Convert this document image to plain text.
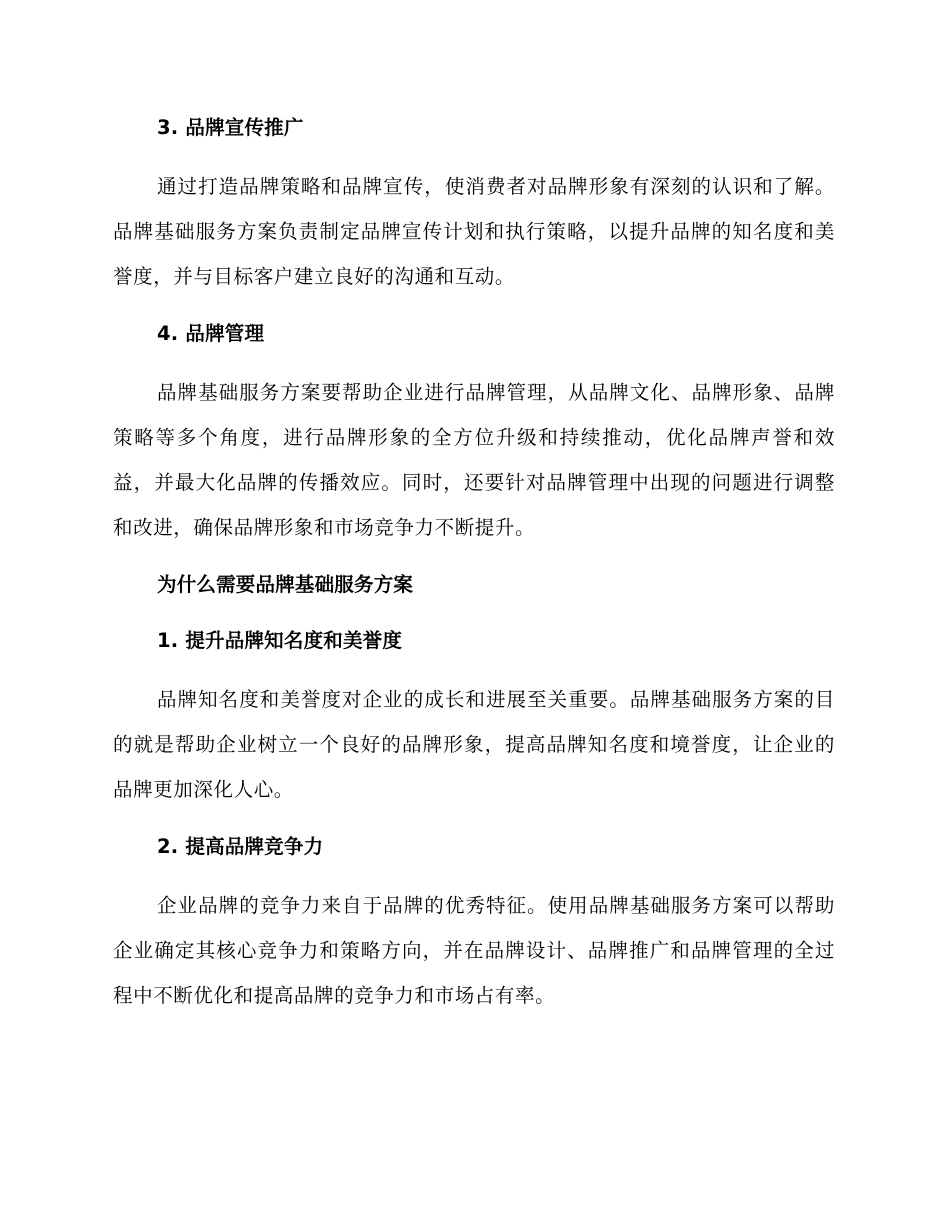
3. 品牌宣传推广

通过打造品牌策略和品牌宣传，使消费者对品牌形象有深刻的认识和了解。品牌基础服务方案负责制定品牌宣传计划和执行策略，以提升品牌的知名度和美誉度，并与目标客户建立良好的沟通和互动。

4. 品牌管理

品牌基础服务方案要帮助企业进行品牌管理，从品牌文化、品牌形象、品牌策略等多个角度，进行品牌形象的全方位升级和持续推动，优化品牌声誉和效益，并最大化品牌的传播效应。同时，还要针对品牌管理中出现的问题进行调整和改进，确保品牌形象和市场竞争力不断提升。

为什么需要品牌基础服务方案
1. 提升品牌知名度和美誉度

品牌知名度和美誉度对企业的成长和进展至关重要。品牌基础服务方案的目的就是帮助企业树立一个良好的品牌形象，提高品牌知名度和境誉度，让企业的品牌更加深化人心。

2. 提高品牌竞争力

企业品牌的竞争力来自于品牌的优秀特征。使用品牌基础服务方案可以帮助企业确定其核心竞争力和策略方向，并在品牌设计、品牌推广和品牌管理的全过程中不断优化和提高品牌的竞争力和市场占有率。
